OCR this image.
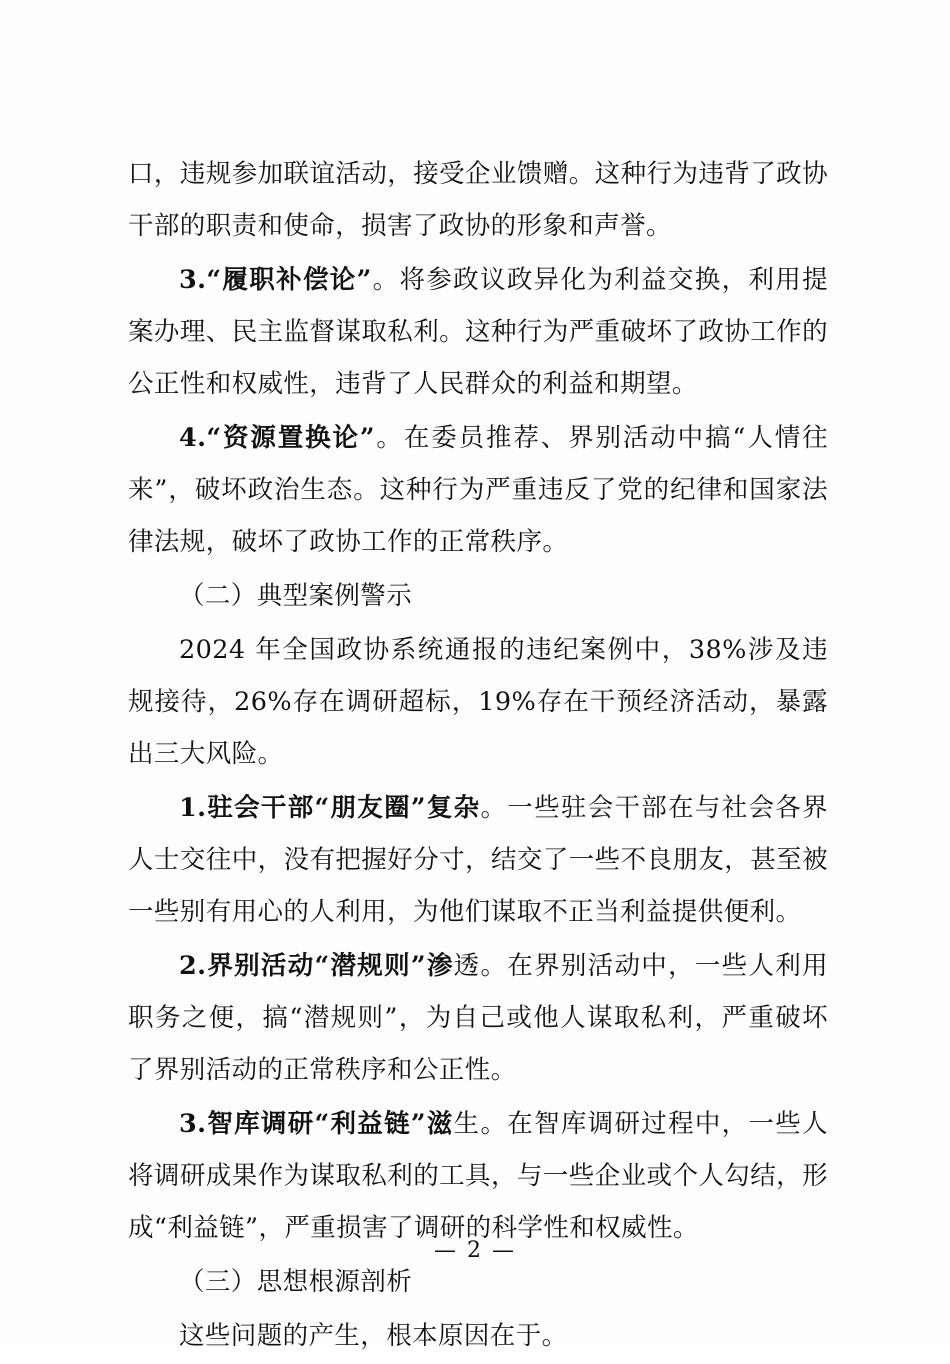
口，违规参加联谊活动，接受企业馈赠。这种行为违背了政协干部的职责和使命，损害了政协的形象和声誉。

3.“履职补偿论”。将参政议政异化为利益交换，利用提案办理、民主监督谋取私利。这种行为严重破坏了政协工作的公正性和权威性，违背了人民群众的利益和期望。

4.“资源置换论”。在委员推荐、界别活动中搞“人情往来”，破坏政治生态。这种行为严重违反了党的纪律和国家法律法规，破坏了政协工作的正常秩序。

（二）典型案例警示

2024 年全国政协系统通报的违纪案例中，38%涉及违规接待，26%存在调研超标，19%存在干预经济活动，暴露出三大风险。

1.驻会干部“朋友圈”复杂。一些驻会干部在与社会各界人士交往中，没有把握好分寸，结交了一些不良朋友，甚至被一些别有用心的人利用，为他们谋取不正当利益提供便利。

2.界别活动“潜规则”渗透。在界别活动中，一些人利用职务之便，搞“潜规则”，为自己或他人谋取私利，严重破坏了界别活动的正常秩序和公正性。

3.智库调研“利益链”滋生。在智库调研过程中，一些人将调研成果作为谋取私利的工具，与一些企业或个人勾结，形成“利益链”，严重损害了调研的科学性和权威性。

（三）思想根源剖析

这些问题的产生，根本原因在于。

— 2 —
